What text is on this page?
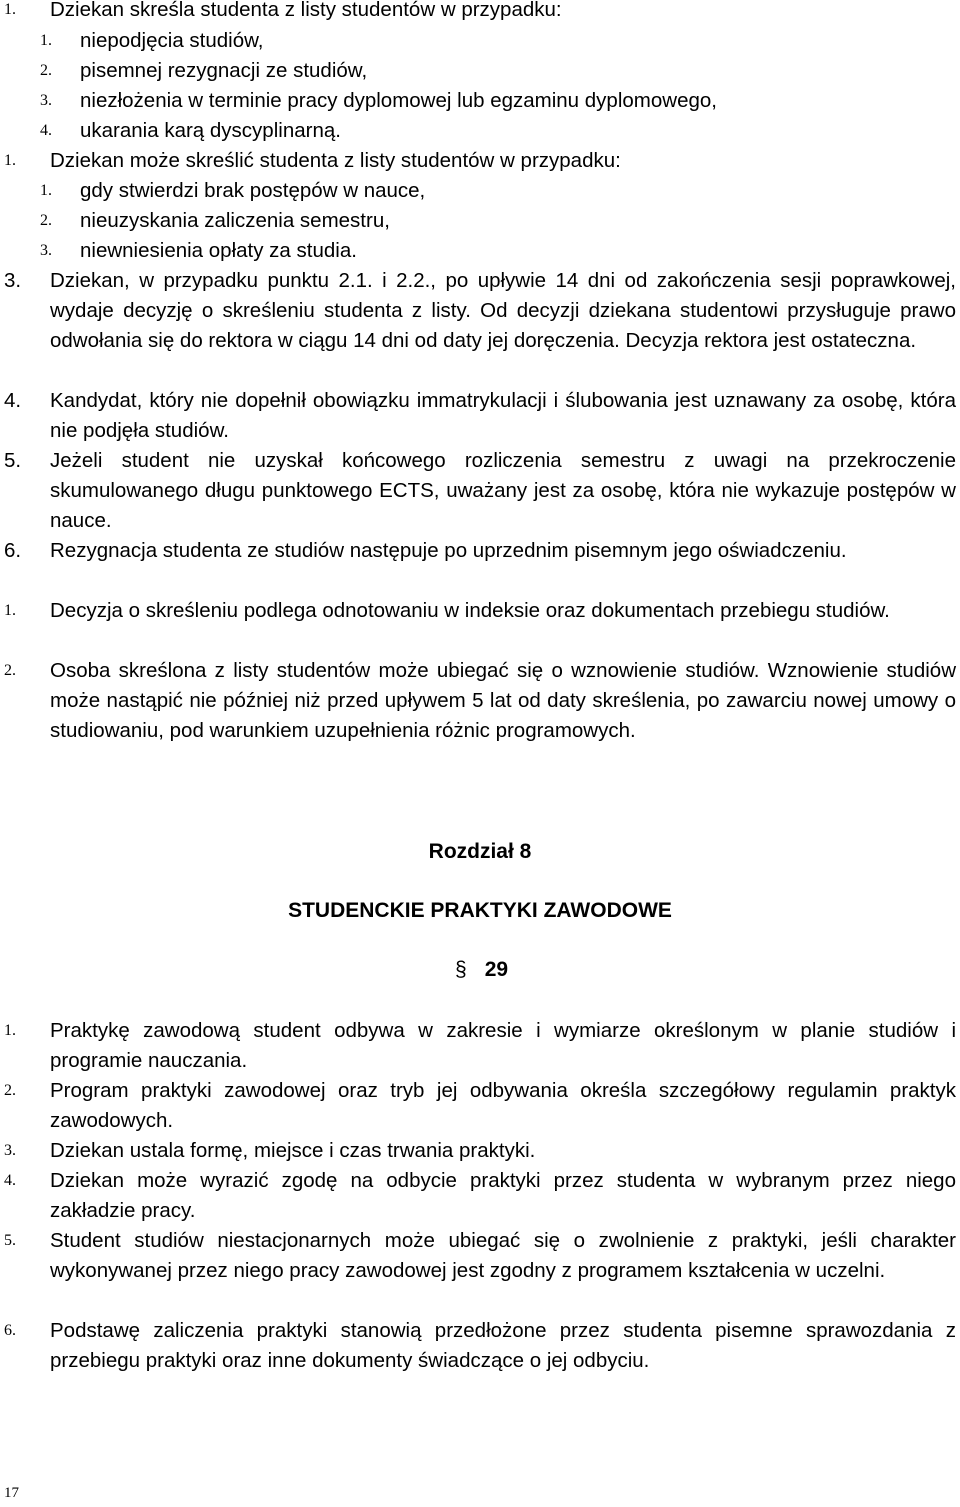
1. Dziekan skreśla studenta z listy studentów w przypadku:
1. niepodjęcia studiów,
2. pisemnej rezygnacji ze studiów,
3. niezłożenia w terminie pracy dyplomowej lub egzaminu dyplomowego,
4. ukarania karą dyscyplinarną.
1. Dziekan może skreślić studenta z listy studentów w przypadku:
1. gdy stwierdzi brak postępów w nauce,
2. nieuzyskania zaliczenia semestru,
3. niewniesienia opłaty za studia.
3. Dziekan, w przypadku punktu 2.1. i 2.2., po upływie 14 dni od zakończenia sesji poprawkowej, wydaje decyzję o skreśleniu studenta z listy. Od decyzji dziekana studentowi przysługuje prawo odwołania się do rektora w ciągu 14 dni od daty jej doręczenia. Decyzja rektora jest ostateczna.
4. Kandydat, który nie dopełnił obowiązku immatrykulacji i ślubowania jest uznawany za osobę, która nie podjęła studiów.
5. Jeżeli student nie uzyskał końcowego rozliczenia semestru z uwagi na przekroczenie skumulowanego długu punktowego ECTS, uważany jest za osobę, która nie wykazuje postępów w nauce.
6. Rezygnacja studenta ze studiów następuje po uprzednim pisemnym jego oświadczeniu.
1. Decyzja o skreśleniu podlega odnotowaniu w indeksie oraz dokumentach przebiegu studiów.
2. Osoba skreślona z listy studentów może ubiegać się o wznowienie studiów. Wznowienie studiów może nastąpić nie później niż przed upływem 5 lat od daty skreślenia, po zawarciu nowej umowy o studiowaniu, pod warunkiem uzupełnienia różnic programowych.
Rozdział 8
STUDENCKIE PRAKTYKI ZAWODOWE
§ 29
1. Praktykę zawodową student odbywa w zakresie i wymiarze określonym w planie studiów i programie nauczania.
2. Program praktyki zawodowej oraz tryb jej odbywania określa szczegółowy regulamin praktyk zawodowych.
3. Dziekan ustala formę, miejsce i czas trwania praktyki.
4. Dziekan może wyrazić zgodę na odbycie praktyki przez studenta w wybranym przez niego zakładzie pracy.
5. Student studiów niestacjonarnych może ubiegać się o zwolnienie z praktyki, jeśli charakter wykonywanej przez niego pracy zawodowej jest zgodny z programem kształcenia w uczelni.
6. Podstawę zaliczenia praktyki stanowią przedłożone przez studenta pisemne sprawozdania z przebiegu praktyki oraz inne dokumenty świadczące o jej odbyciu.
17
